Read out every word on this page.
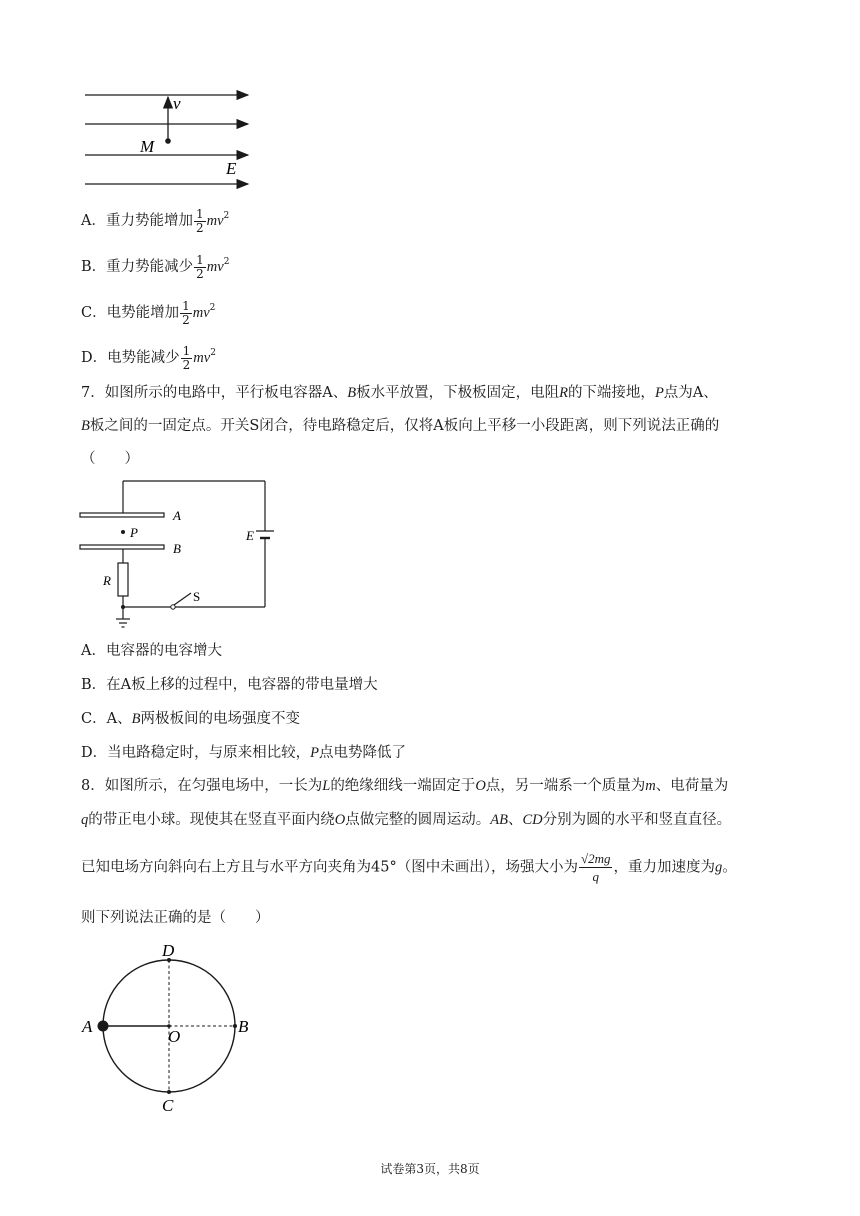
v
M
E
A．重力势能增加 $\frac{1}{2} mv^2$
B．重力势能减少 $\frac{1}{2} mv^2$
C．电势能增加 $\frac{1}{2} mv^2$
D．电势能减少 $\frac{1}{2} mv^2$
7．如图所示的电路中，平行板电容器A、B板水平放置，下极板固定，电阻R的下端接地，P点为A、
B板之间的一固定点。开关S闭合，待电路稳定后，仅将A板向上平移一小段距离，则下列说法正确的
（　　）
A
B
P	E
R
S
A．电容器的电容增大
B．在A板上移的过程中，电容器的带电量增大
C．A、B两极板间的电场强度不变
D．当电路稳定时，与原来相比较，P点电势降低了
8．如图所示，在匀强电场中，一长为L的绝缘细线一端固定于O点，另一端系一个质量为m、电荷量为
q的带正电小球。现使其在竖直平面内绕O点做完整的圆周运动。AB、CD分别为圆的水平和竖直直径。
已知电场方向斜向右上方且与水平方向夹角为45°（图中未画出），场强大小为 $\frac{√2mg}{q}$ ，重力加速度为g。
则下列说法正确的是（　　）
A	B
D
C
O
试卷第3页，共8页
